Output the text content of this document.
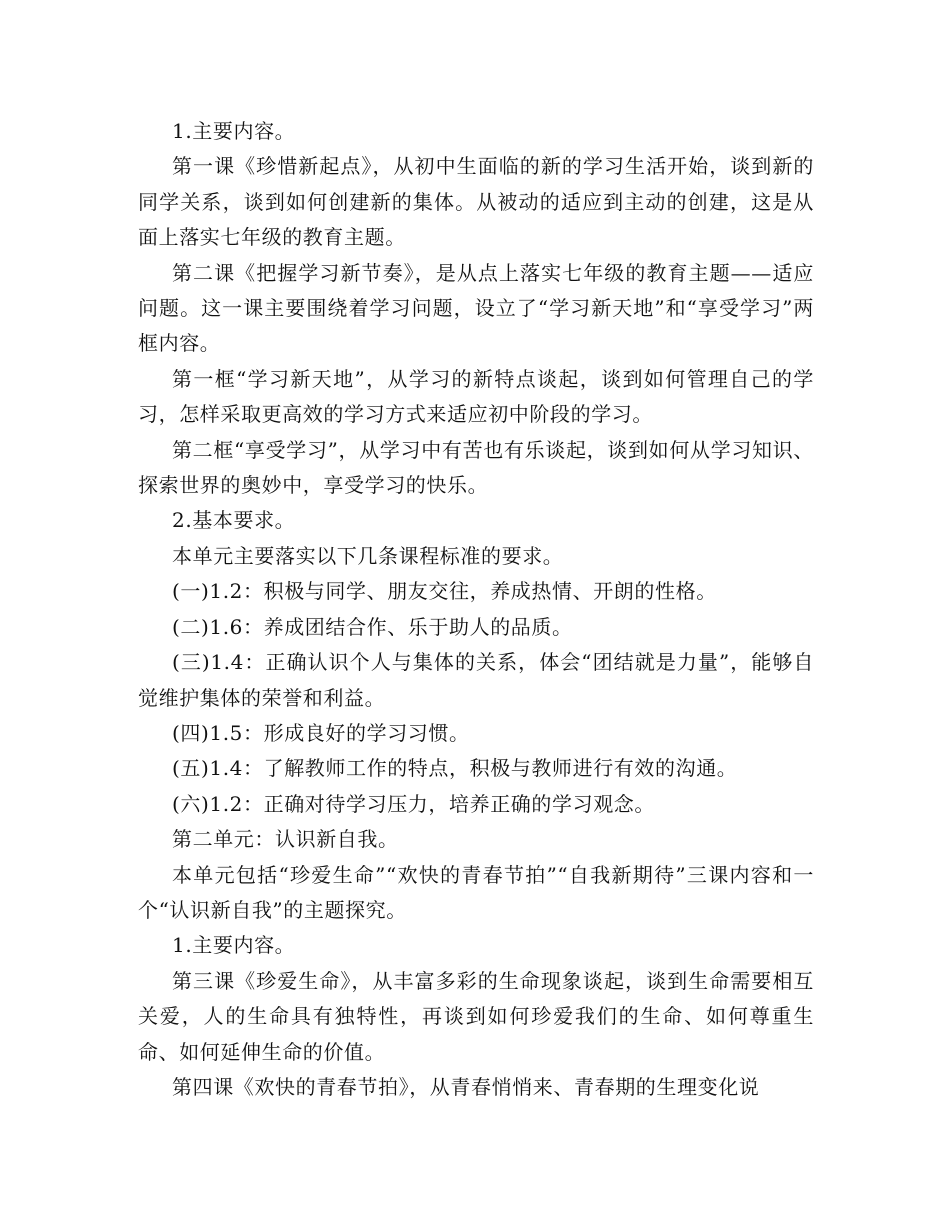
1.主要内容。

第一课《珍惜新起点》，从初中生面临的新的学习生活开始，谈到新的同学关系，谈到如何创建新的集体。从被动的适应到主动的创建，这是从面上落实七年级的教育主题。

第二课《把握学习新节奏》，是从点上落实七年级的教育主题——适应问题。这一课主要围绕着学习问题，设立了“学习新天地”和“享受学习”两框内容。

第一框“学习新天地”，从学习的新特点谈起，谈到如何管理自己的学习，怎样采取更高效的学习方式来适应初中阶段的学习。

第二框“享受学习”，从学习中有苦也有乐谈起，谈到如何从学习知识、探索世界的奥妙中，享受学习的快乐。

2.基本要求。

本单元主要落实以下几条课程标准的要求。

(一)1.2：积极与同学、朋友交往，养成热情、开朗的性格。

(二)1.6：养成团结合作、乐于助人的品质。

(三)1.4：正确认识个人与集体的关系，体会“团结就是力量”，能够自觉维护集体的荣誉和利益。

(四)1.5：形成良好的学习习惯。

(五)1.4：了解教师工作的特点，积极与教师进行有效的沟通。

(六)1.2：正确对待学习压力，培养正确的学习观念。

第二单元：认识新自我。

本单元包括“珍爱生命”“欢快的青春节拍”“自我新期待”三课内容和一个“认识新自我”的主题探究。

1.主要内容。

第三课《珍爱生命》，从丰富多彩的生命现象谈起，谈到生命需要相互关爱，人的生命具有独特性，再谈到如何珍爱我们的生命、如何尊重生命、如何延伸生命的价值。

第四课《欢快的青春节拍》，从青春悄悄来、青春期的生理变化说
